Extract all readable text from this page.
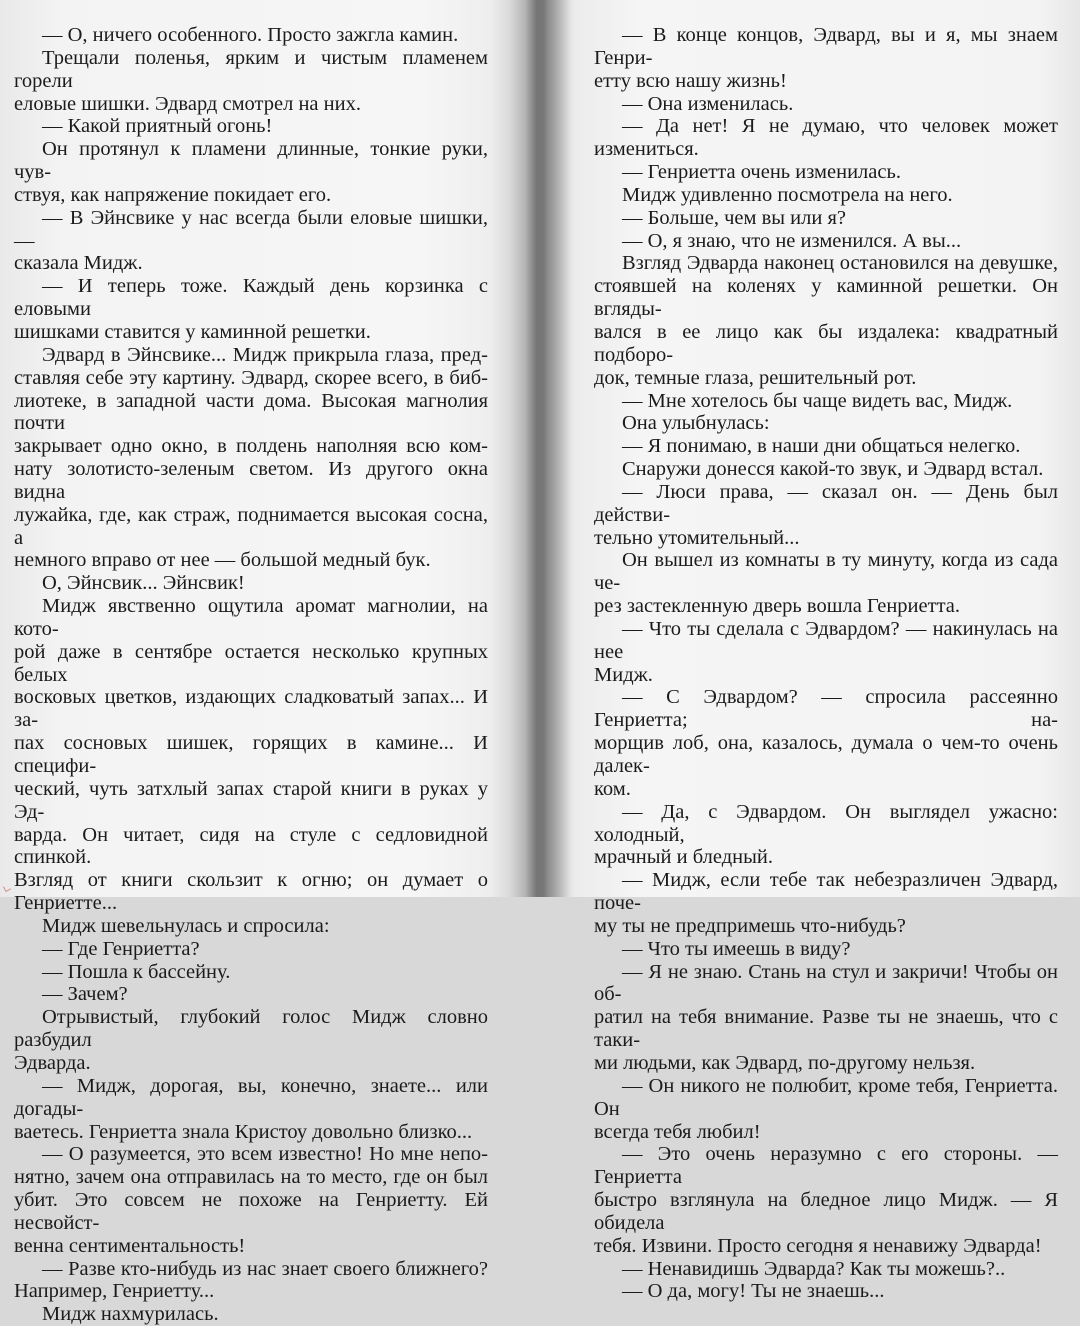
— О, ничего особенного. Просто зажгла камин.

Трещали поленья, ярким и чистым пламенем горели

еловые шишки. Эдвард смотрел на них.

— Какой приятный огонь!

Он протянул к пламени длинные, тонкие руки, чув-

ствуя, как напряжение покидает его.

— В Эйнсвике у нас всегда были еловые шишки, —

сказала Мидж.

— И теперь тоже. Каждый день корзинка с еловыми

шишками ставится у каминной решетки.

Эдвард в Эйнсвике... Мидж прикрыла глаза, пред-

ставляя себе эту картину. Эдвард, скорее всего, в биб-

лиотеке, в западной части дома. Высокая магнолия почти

закрывает одно окно, в полдень наполняя всю ком-

нату золотисто-зеленым светом. Из другого окна видна

лужайка, где, как страж, поднимается высокая сосна, а

немного вправо от нее — большой медный бук.

О, Эйнсвик... Эйнсвик!

Мидж явственно ощутила аромат магнолии, на кото-

рой даже в сентябре остается несколько крупных белых

восковых цветков, издающих сладковатый запах... И за-

пах сосновых шишек, горящих в камине... И специфи-

ческий, чуть затхлый запах старой книги в руках у Эд-

варда. Он читает, сидя на стуле с седловидной спинкой.

Взгляд от книги скользит к огню; он думает о Генриетте...

Мидж шевельнулась и спросила:

— Где Генриетта?

— Пошла к бассейну.

— Зачем?

Отрывистый, глубокий голос Мидж словно разбудил

Эдварда.

— Мидж, дорогая, вы, конечно, знаете... или догады-

ваетесь. Генриетта знала Кристоу довольно близко...

— О разумеется, это всем известно! Но мне непо-

нятно, зачем она отправилась на то место, где он был

убит. Это совсем не похоже на Генриетту. Ей несвойст-

венна сентиментальность!

— Разве кто-нибудь из нас знает своего ближнего?

Например, Генриетту...

Мидж нахмурилась.

— В конце концов, Эдвард, вы и я, мы знаем Генри-

етту всю нашу жизнь!

— Она изменилась.

— Да нет! Я не думаю, что человек может измениться.

— Генриетта очень изменилась.

Мидж удивленно посмотрела на него.

— Больше, чем вы или я?

— О, я знаю, что не изменился. А вы...

Взгляд Эдварда наконец остановился на девушке,

стоявшей на коленях у каминной решетки. Он вгляды-

вался в ее лицо как бы издалека: квадратный подборо-

док, темные глаза, решительный рот.

— Мне хотелось бы чаще видеть вас, Мидж.

Она улыбнулась:

— Я понимаю, в наши дни общаться нелегко.

Снаружи донесся какой-то звук, и Эдвард встал.

— Люси права, — сказал он. — День был действи-

тельно утомительный...

Он вышел из комнаты в ту минуту, когда из сада че-

рез застекленную дверь вошла Генриетта.

— Что ты сделала с Эдвардом? — накинулась на нее

Мидж.

— С Эдвардом? — спросила рассеянно Генриетта; на-

морщив лоб, она, казалось, думала о чем-то очень далек-

ком.

— Да, с Эдвардом. Он выглядел ужасно: холодный,

мрачный и бледный.

— Мидж, если тебе так небезразличен Эдвард, поче-

му ты не предпримешь что-нибудь?

— Что ты имеешь в виду?

— Я не знаю. Стань на стул и закричи! Чтобы он об-

ратил на тебя внимание. Разве ты не знаешь, что с таки-

ми людьми, как Эдвард, по-другому нельзя.

— Он никого не полюбит, кроме тебя, Генриетта. Он

всегда тебя любил!

— Это очень неразумно с его стороны. — Генриетта

быстро взглянула на бледное лицо Мидж. — Я обидела

тебя. Извини. Просто сегодня я ненавижу Эдварда!

— Ненавидишь Эдварда? Как ты можешь?..

— О да, могу! Ты не знаешь...
